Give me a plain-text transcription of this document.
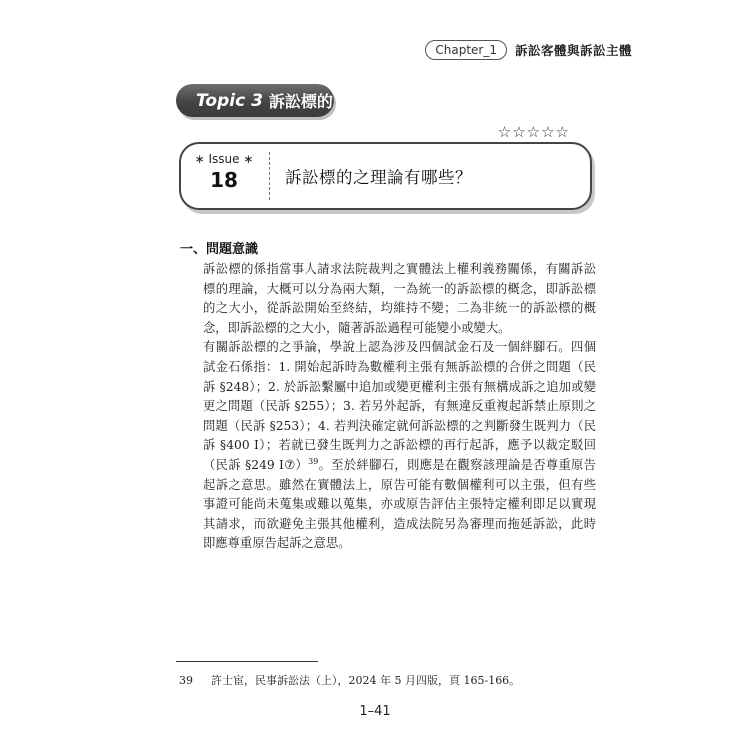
Chapter_1	訴訟客體與訴訟主體
Topic 3 訴訟標的
☆☆☆☆☆
∗ Issue ∗
18	訴訟標的之理論有哪些？
一、問題意識

訴訟標的係指當事人請求法院裁判之實體法上權利義務關係，有關訴訟標的理論，大概可以分為兩大類，一為統一的訴訟標的概念，即訴訟標的之大小，從訴訟開始至終結，均維持不變；二為非統一的訴訟標的概念，即訴訟標的之大小，隨著訴訟過程可能變小或變大。

有關訴訟標的之爭論，學說上認為涉及四個試金石及一個絆腳石。四個試金石係指：1. 開始起訴時為數權利主張有無訴訟標的合併之問題（民訴 §248）；2. 於訴訟繫屬中追加或變更權利主張有無構成訴之追加或變更之問題（民訴 §255）；3. 若另外起訴，有無違反重複起訴禁止原則之問題（民訴 §253）；4. 若判決確定就何訴訟標的之判斷發生既判力（民訴 §400 Ⅰ）；若就已發生既判力之訴訟標的再行起訴，應予以裁定駁回（民訴 §249 Ⅰ⑦）$^{39}$。至於絆腳石，則應是在觀察該理論是否尊重原告起訴之意思。雖然在實體法上，原告可能有數個權利可以主張，但有些事證可能尚未蒐集或難以蒐集，亦或原告評估主張特定權利即足以實現其請求，而欲避免主張其他權利，造成法院另為審理而拖延訴訟，此時即應尊重原告起訴之意思。

39 許士宦，民事訴訟法（上），2024 年 5 月四版，頁 165-166。
1–41
